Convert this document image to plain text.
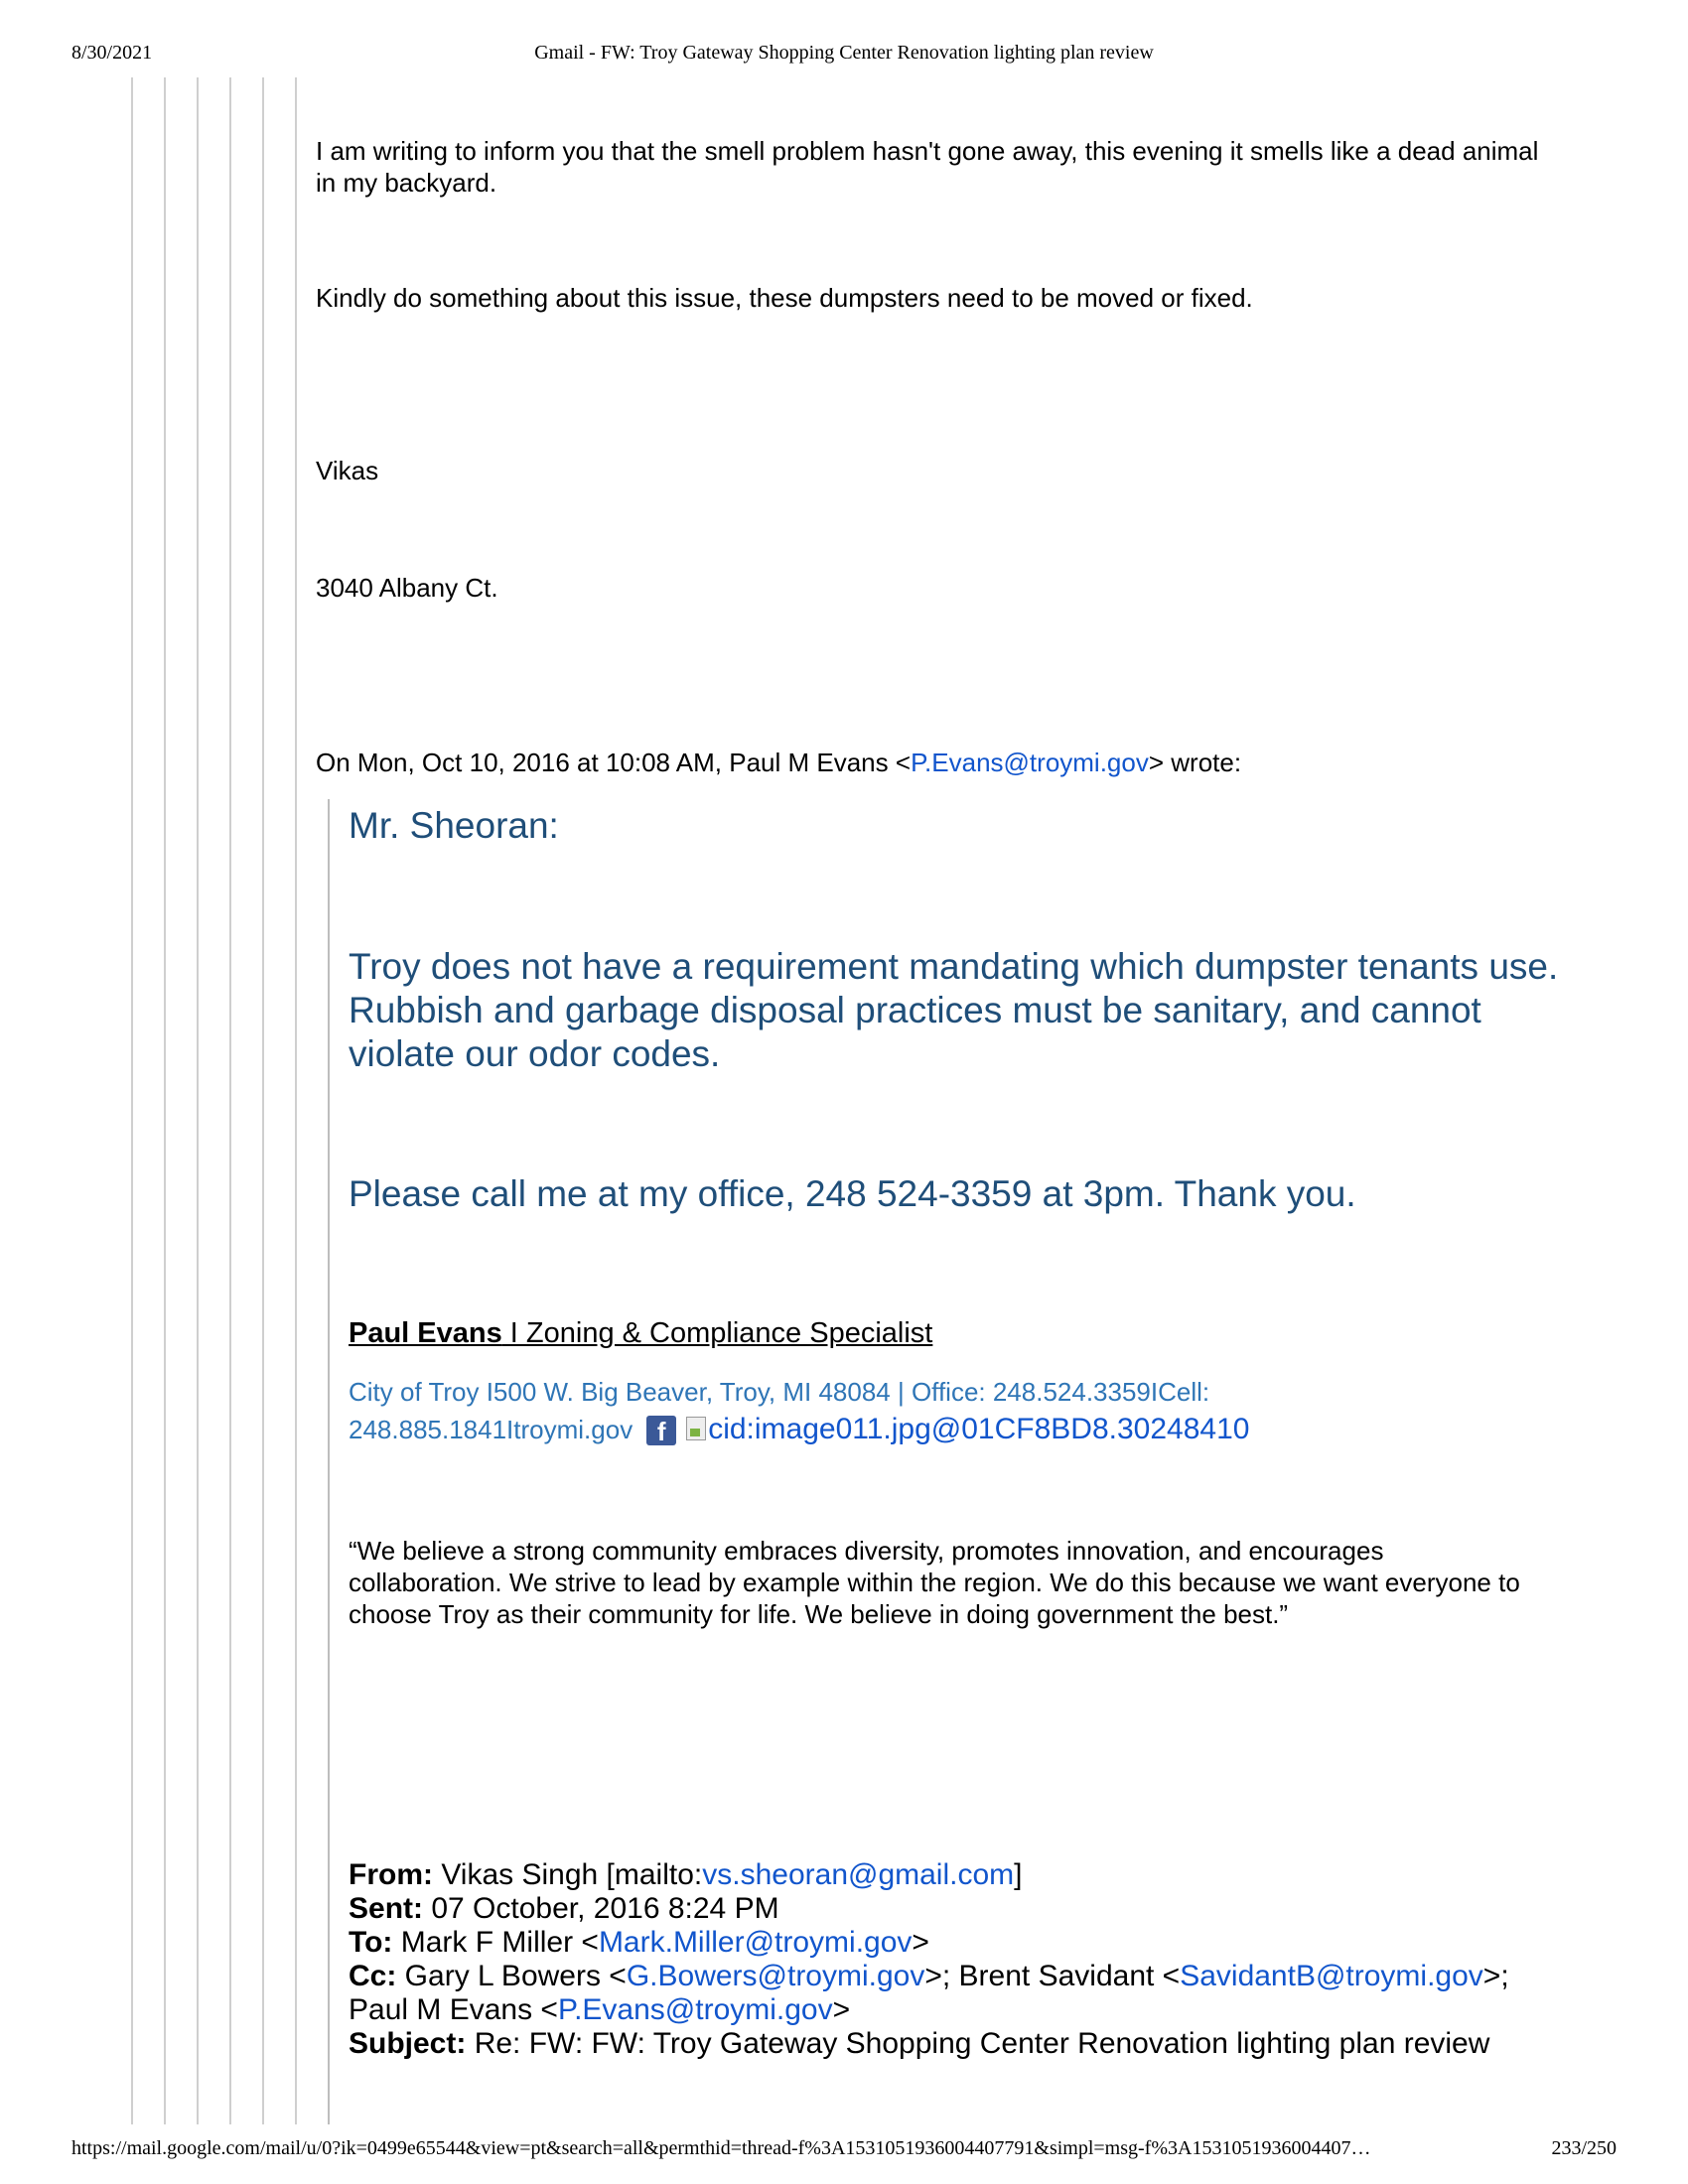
8/30/2021	Gmail - FW: Troy Gateway Shopping Center Renovation lighting plan review

I am writing to inform you that the smell problem hasn't gone away, this evening it smells like a dead animal in my backyard.

Kindly do something about this issue, these dumpsters need to be moved or fixed.

Vikas

3040 Albany Ct.

On Mon, Oct 10, 2016 at 10:08 AM, Paul M Evans <P.Evans@troymi.gov> wrote:

Mr. Sheoran:

Troy does not have a requirement mandating which dumpster tenants use. Rubbish and garbage disposal practices must be sanitary, and cannot violate our odor codes.

Please call me at my office, 248 524-3359 at 3pm. Thank you.

Paul Evans I Zoning & Compliance Specialist

City of Troy I500 W. Big Beaver, Troy, MI 48084 | Office: 248.524.3359ICell:
248.885.1841Itroymi.gov f cid:image011.jpg@01CF8BD8.30248410

“We believe a strong community embraces diversity, promotes innovation, and encourages collaboration. We strive to lead by example within the region. We do this because we want everyone to choose Troy as their community for life. We believe in doing government the best.”

From: Vikas Singh [mailto:vs.sheoran@gmail.com]
Sent: 07 October, 2016 8:24 PM
To: Mark F Miller <Mark.Miller@troymi.gov>
Cc: Gary L Bowers <G.Bowers@troymi.gov>; Brent Savidant <SavidantB@troymi.gov>;
Paul M Evans <P.Evans@troymi.gov>
Subject: Re: FW: FW: Troy Gateway Shopping Center Renovation lighting plan review
https://mail.google.com/mail/u/0?ik=0499e65544&view=pt&search=all&permthid=thread-f%3A1531051936004407791&simpl=msg-f%3A1531051936004407…	233/250
